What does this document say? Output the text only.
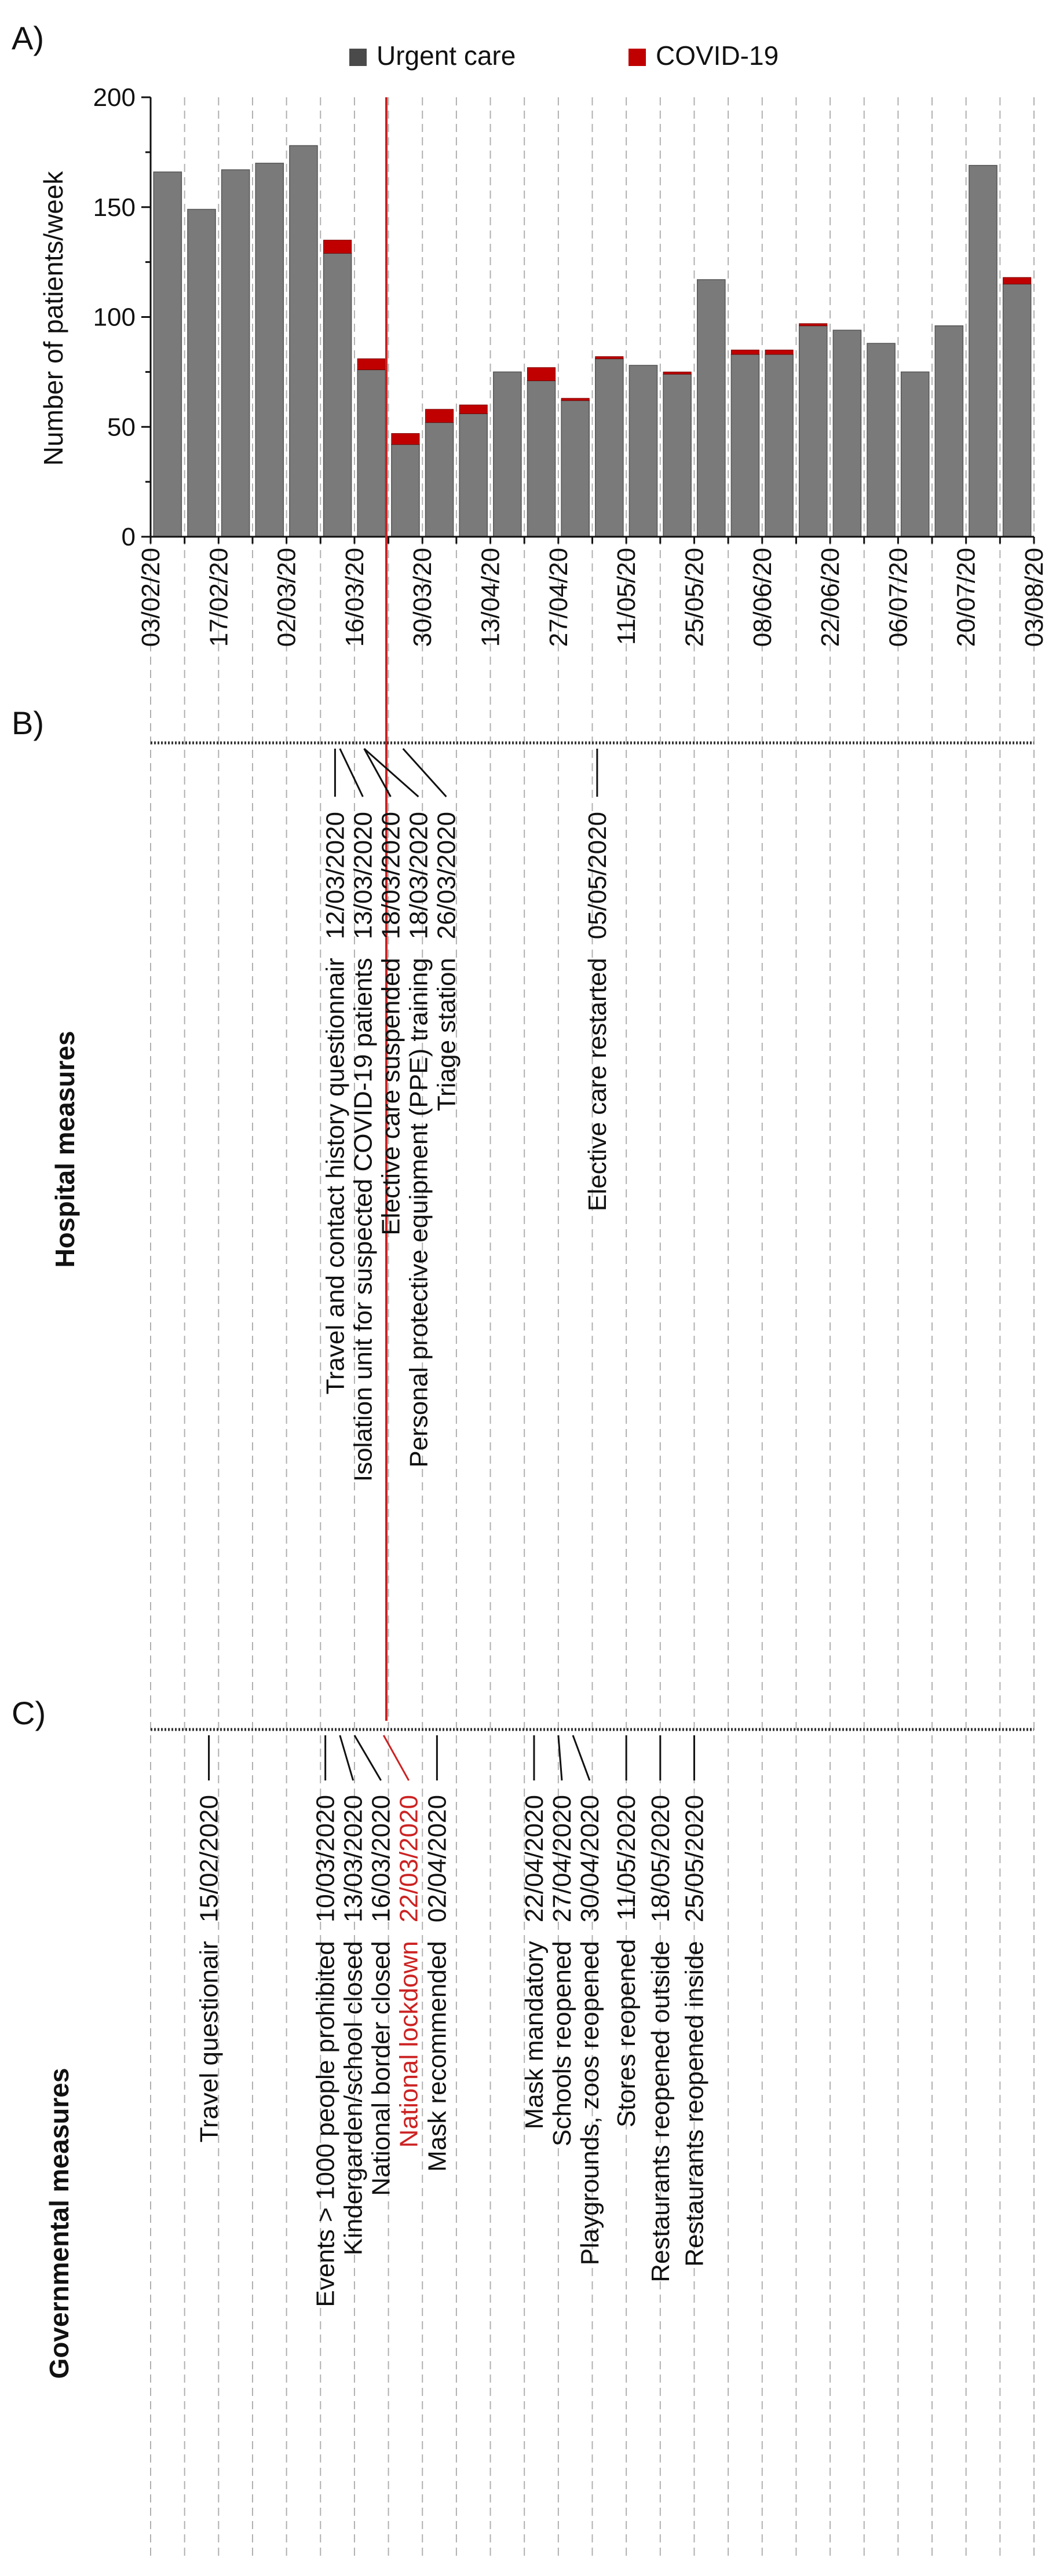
A)
B)
C)
Urgent care	COVID-19
Number of patients/week
0
50
100
150
200
03/02/20 17/02/20 02/03/20 16/03/20 30/03/20 13/04/20 27/04/20 11/05/20 25/05/20 08/06/20 22/06/20 06/07/20 20/07/20 03/08/20
Travel and contact history questionnair12/03/2020
Isolation unit for suspected COVID-19 patients13/03/2020
Elective care suspended18/03/2020
Personal protective equipment (PPE) training18/03/2020
Triage station26/03/2020
Elective care restarted05/05/2020
Travel questionair15/02/2020
Events > 1000 people prohibited10/03/2020
Kindergarden/school closed13/03/2020
National border closed16/03/2020
National lockdown22/03/2020
Mask recommended02/04/2020
Mask mandatory22/04/2020
Schools reopened27/04/2020
Playgrounds, zoos reopened30/04/2020
Stores reopened11/05/2020
Restaurants reopened outside18/05/2020
Restaurants reopened inside25/05/2020
Hospital measures
Governmental measures
